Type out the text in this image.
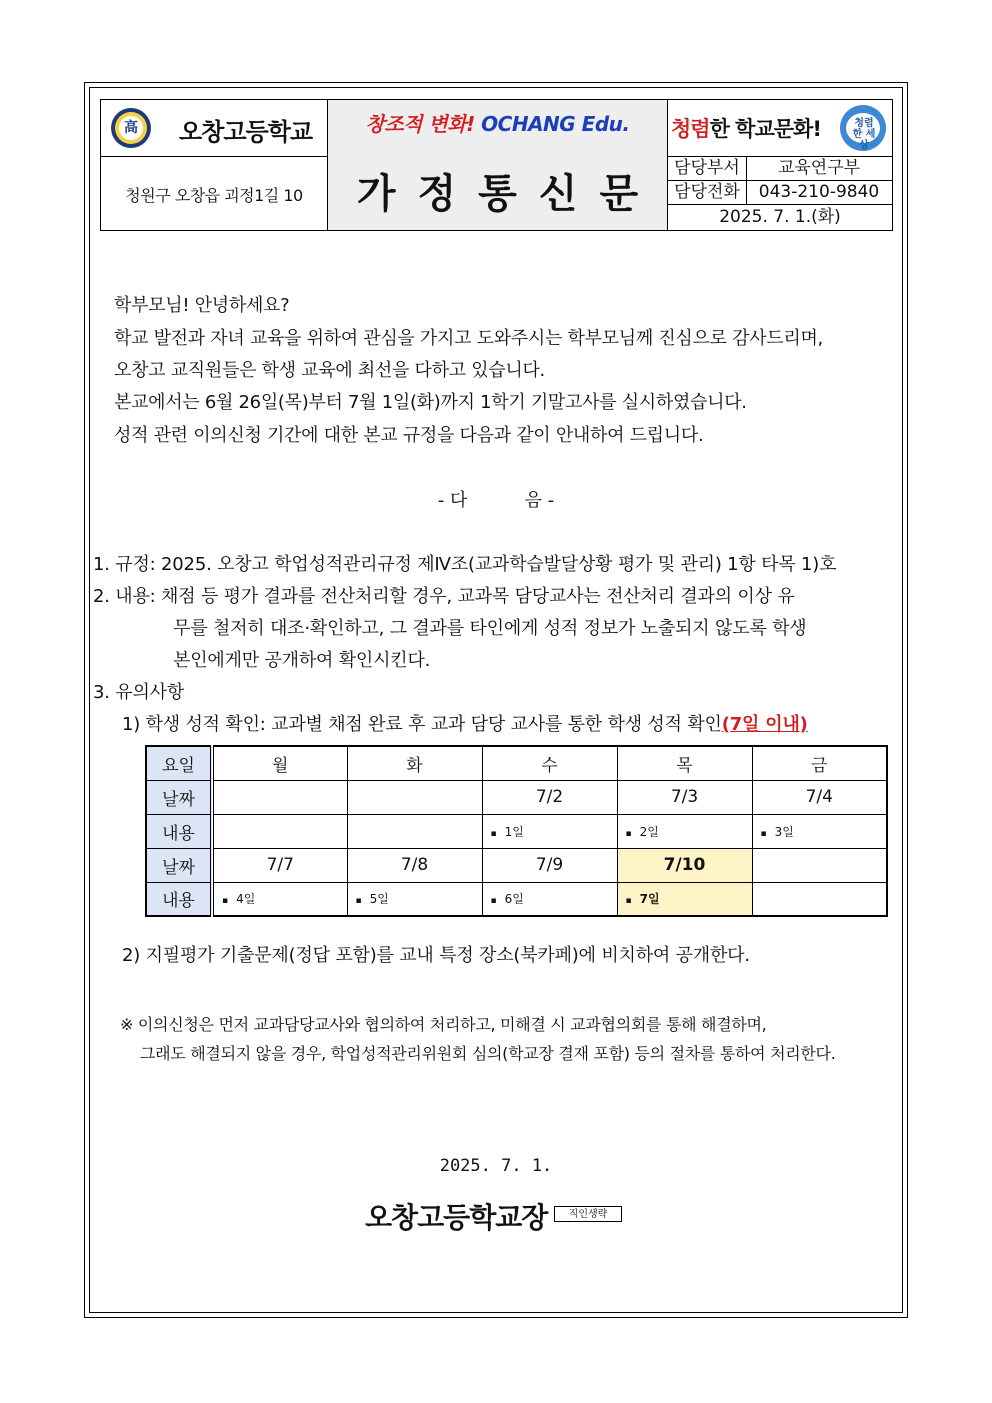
高 오창고등학교
청원구 오창읍 괴정1길 10
창조적 변화! OCHANG Edu.
가정통신문
청렴한 학교문화!	청렴한 세상
담당부서	교육연구부
담당전화	043-210-9840
2025. 7. 1.(화)
학부모님! 안녕하세요?
학교 발전과 자녀 교육을 위하여 관심을 가지고 도와주시는 학부모님께 진심으로 감사드리며,
오창고 교직원들은 학생 교육에 최선을 다하고 있습니다.
본교에서는 6월 26일(목)부터 7월 1일(화)까지 1학기 기말고사를 실시하였습니다.
성적 관련 이의신청 기간에 대한 본교 규정을 다음과 같이 안내하여 드립니다.
- 다          음 -
1. 규정: 2025. 오창고 학업성적관리규정 제Ⅳ조(교과학습발달상황 평가 및 관리) 1항 타목 1)호
2. 내용: 채점 등 평가 결과를 전산처리할 경우, 교과목 담당교사는 전산처리 결과의 이상 유
무를 철저히 대조·확인하고, 그 결과를 타인에게 성적 정보가 노출되지 않도록 학생
본인에게만 공개하여 확인시킨다.
3. 유의사항
1) 학생 성적 확인: 교과별 채점 완료 후 교과 담당 교사를 통한 학생 성적 확인(7일 이내)
요일	월	화	수	목	금
날짜			7/2	7/3	7/4
내용			▪ 1일	▪ 2일	▪ 3일
날짜	7/7	7/8	7/9	7/10	
내용	▪ 4일	▪ 5일	▪ 6일	▪ 7일	
2) 지필평가 기출문제(정답 포함)를 교내 특정 장소(북카페)에 비치하여 공개한다.
※ 이의신청은 먼저 교과담당교사와 협의하여 처리하고, 미해결 시 교과협의회를 통해 해결하며,
그래도 해결되지 않을 경우, 학업성적관리위원회 심의(학교장 결재 포함) 등의 절차를 통하여 처리한다.
2025. 7. 1.
오창고등학교장	직인생략
